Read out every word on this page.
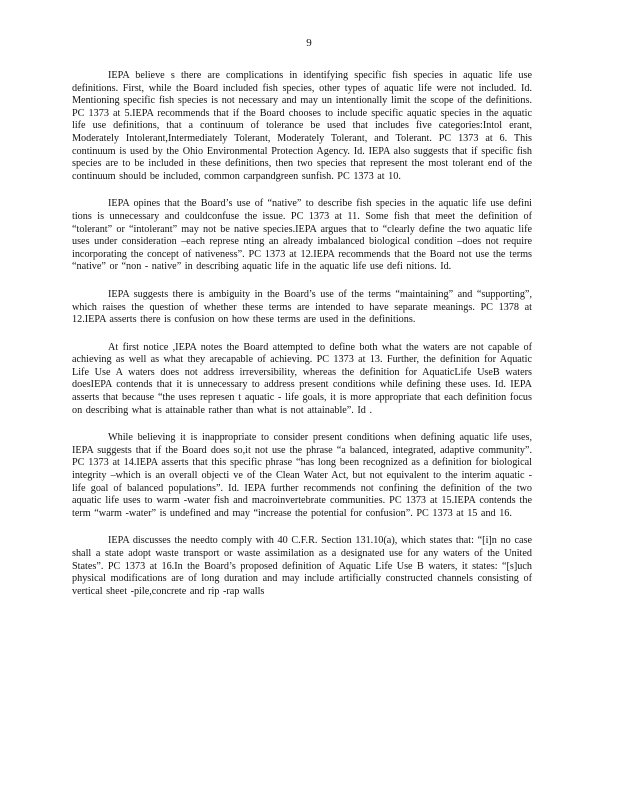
9

IEPA believe s there are complications in identifying specific fish species in aquatic life use definitions. First, while the Board included fish species, other types of aquatic life were not included. Id. Mentioning specific fish species is not necessary and may un intentionally limit the scope of the definitions. PC 1373 at 5.IEPA recommends that if the Board chooses to include specific aquatic species in the aquatic life use definitions, that a continuum of tolerance be used that includes five categories:Intol erant, Moderately Intolerant,Intermediately Tolerant, Moderately Tolerant, and Tolerant. PC 1373 at 6. This continuum is used by the Ohio Environmental Protection Agency. Id. IEPA also suggests that if specific fish species are to be included in these definitions, then two species that represent the most tolerant end of the continuum should be included, common carpandgreen sunfish. PC 1373 at 10.

IEPA opines that the Board’s use of “native” to describe fish species in the aquatic life use defini tions is unnecessary and couldconfuse the issue. PC 1373 at 11. Some fish that meet the definition of “tolerant” or “intolerant” may not be native species.IEPA argues that to “clearly define the two aquatic life uses under consideration –each represe nting an already imbalanced biological condition –does not require incorporating the concept of nativeness”. PC 1373 at 12.IEPA recommends that the Board not use the terms “native” or “non - native” in describing aquatic life in the aquatic life use defi nitions. Id.

IEPA suggests there is ambiguity in the Board’s use of the terms “maintaining” and “supporting”, which raises the question of whether these terms are intended to have separate meanings. PC 1378 at 12.IEPA asserts there is confusion on how these terms are used in the definitions.

At first notice ,IEPA notes the Board attempted to define both what the waters are not capable of achieving as well as what they arecapable of achieving. PC 1373 at 13. Further, the definition for Aquatic Life Use A waters does not address irreversibility, whereas the definition for AquaticLife UseB waters doesIEPA contends that it is unnecessary to address present conditions while defining these uses. Id. IEPA asserts that because “the uses represen t aquatic - life goals, it is more appropriate that each definition focus on describing what is attainable rather than what is not attainable”. Id .

While believing it is inappropriate to consider present conditions when defining aquatic life uses, IEPA suggests that if the Board does so,it not use the phrase “a balanced, integrated, adaptive community”. PC 1373 at 14.IEPA asserts that this specific phrase “has long been recognized as a definition for biological integrity –which is an overall objecti ve of the Clean Water Act, but not equivalent to the interim aquatic -life goal of balanced populations”. Id. IEPA further recommends not confining the definition of the two aquatic life uses to warm -water fish and macroinvertebrate communities. PC 1373 at 15.IEPA contends the term “warm -water” is undefined and may “increase the potential for confusion”. PC 1373 at 15 and 16.

IEPA discusses the needto comply with 40 C.F.R. Section 131.10(a), which states that: “[i]n no case shall a state adopt waste transport or waste assimilation as a designated use for any waters of the United States”. PC 1373 at 16.In the Board’s proposed definition of Aquatic Life Use B waters, it states: “[s]uch physical modifications are of long duration and may include artificially constructed channels consisting of vertical sheet -pile,concrete and rip -rap walls
